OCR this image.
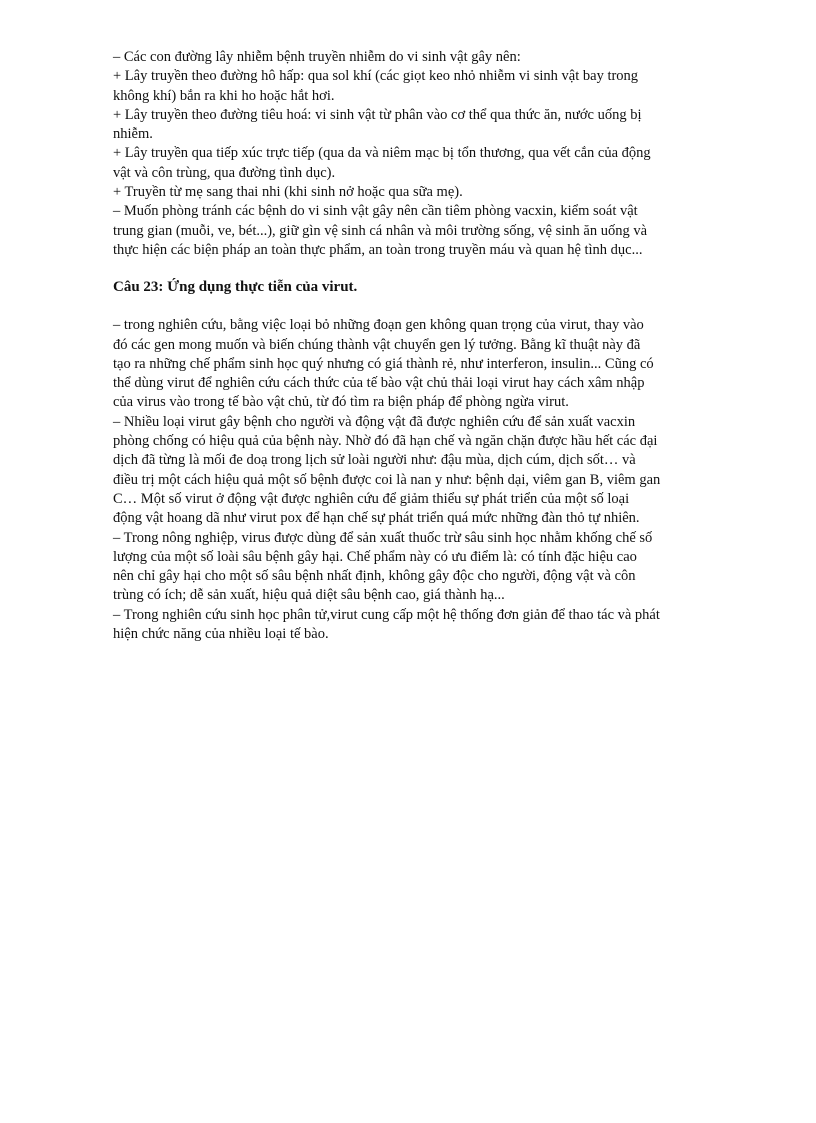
– Các con đường lây nhiễm bệnh truyền nhiễm do vi sinh vật gây nên:
+ Lây truyền theo đường hô hấp: qua sol khí (các giọt keo nhỏ nhiễm vi sinh vật bay trong
không khí) bắn ra khi ho hoặc hắt hơi.
+ Lây truyền theo đường tiêu hoá: vi sinh vật từ phân vào cơ thể qua thức ăn, nước uống bị
nhiễm.
+ Lây truyền qua tiếp xúc trực tiếp (qua da và niêm mạc bị tổn thương, qua vết cắn của động
vật và côn trùng, qua đường tình dục).
+ Truyền từ mẹ sang thai nhi (khi sinh nở hoặc qua sữa mẹ).
– Muốn phòng tránh các bệnh do vi sinh vật gây nên cần tiêm phòng vacxin, kiểm soát vật
trung gian (muỗi, ve, bét...), giữ gìn vệ sinh cá nhân và môi trường sống, vệ sinh ăn uống và
thực hiện các biện pháp an toàn thực phẩm, an toàn trong truyền máu và quan hệ tình dục...
Câu 23: Ứng dụng thực tiễn của virut.
– trong nghiên cứu, bằng việc loại bỏ những đoạn gen không quan trọng của virut, thay vào
đó các gen mong muốn và biến chúng thành vật chuyển gen lý tưởng. Bằng kĩ thuật này đã
tạo ra những chế phẩm sinh học quý nhưng có giá thành rẻ, như interferon, insulin... Cũng có
thể dùng virut để nghiên cứu cách thức của tế bào vật chủ thải loại virut hay cách xâm nhập
của virus vào trong tế bào vật chủ, từ đó tìm ra biện pháp để phòng ngừa virut.
– Nhiều loại virut gây bệnh cho người và động vật đã được nghiên cứu để sản xuất vacxin
phòng chống có hiệu quả của bệnh này. Nhờ đó đã hạn chế và ngăn chặn được hầu hết các đại
dịch đã từng là mối đe doạ trong lịch sử loài người như: đậu mùa, dịch cúm, dịch sốt… và
điều trị một cách hiệu quả một số bệnh được coi là nan y như: bệnh dại, viêm gan B, viêm gan
C… Một số virut ở động vật được nghiên cứu để giảm thiểu sự phát triển của một số loại
động vật hoang dã như virut pox để hạn chế sự phát triển quá mức những đàn thỏ tự nhiên.
– Trong nông nghiệp, virus được dùng để sản xuất thuốc trừ sâu sinh học nhằm khống chế số
lượng của một số loài sâu bệnh gây hại. Chế phẩm này có ưu điểm là: có tính đặc hiệu cao
nên chỉ gây hại cho một số sâu bệnh nhất định, không gây độc cho người, động vật và côn
trùng có ích; dễ sản xuất, hiệu quả diệt sâu bệnh cao, giá thành hạ...
– Trong nghiên cứu sinh học phân tử,virut cung cấp một hệ thống đơn giản để thao tác và phát
hiện chức năng của nhiều loại tế bào.
